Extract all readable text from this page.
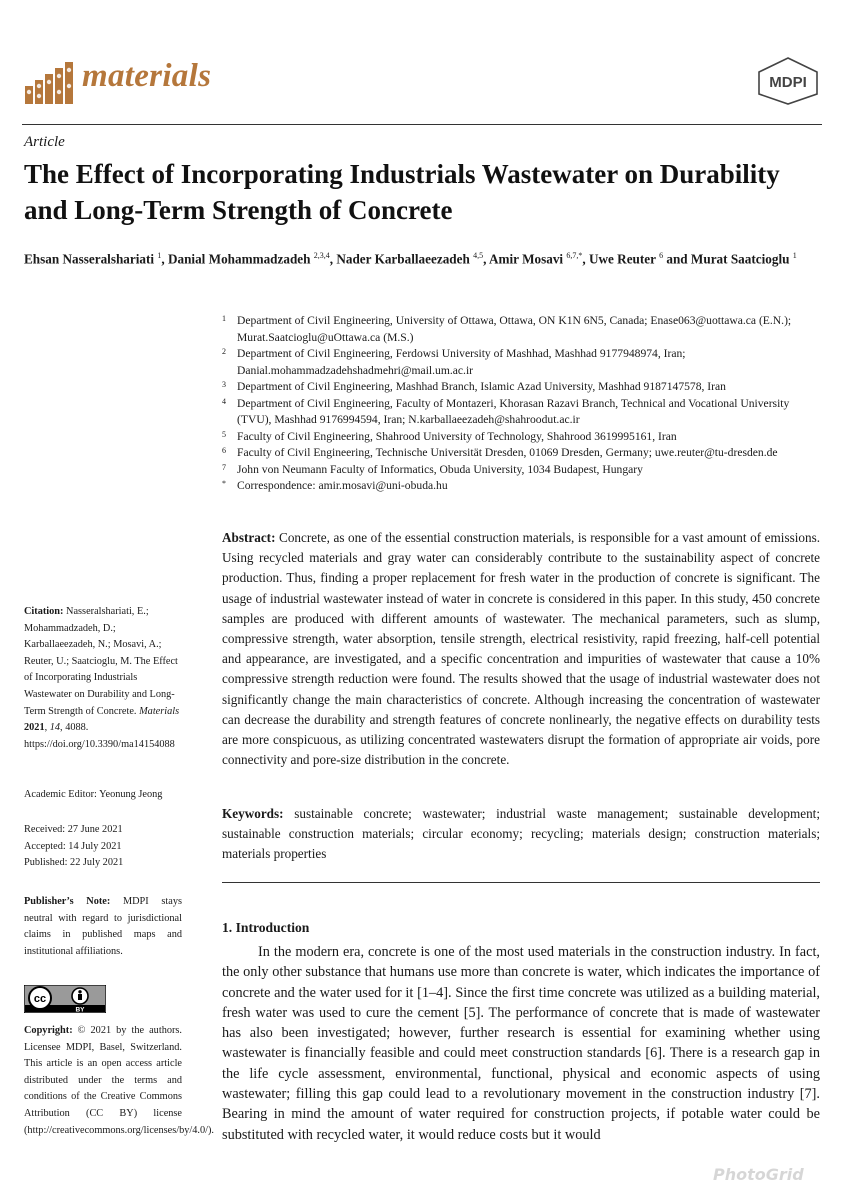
materials	MDPI
Article
The Effect of Incorporating Industrials Wastewater on Durability and Long-Term Strength of Concrete
Ehsan Nasseralshariati $^1$, Danial Mohammadzadeh $^{2,3,4}$, Nader Karballaeezadeh $^{4,5}$, Amir Mosavi $^{6,7,*}$, Uwe Reuter $^6$ and Murat Saatcioglu $^1$
1 Department of Civil Engineering, University of Ottawa, Ottawa, ON K1N 6N5, Canada; Enase063@uottawa.ca (E.N.); Murat.Saatcioglu@uOttawa.ca (M.S.)
2 Department of Civil Engineering, Ferdowsi University of Mashhad, Mashhad 9177948974, Iran; Danial.mohammadzadehshadmehri@mail.um.ac.ir
3 Department of Civil Engineering, Mashhad Branch, Islamic Azad University, Mashhad 9187147578, Iran
4 Department of Civil Engineering, Faculty of Montazeri, Khorasan Razavi Branch, Technical and Vocational University (TVU), Mashhad 9176994594, Iran; N.karballaeezadeh@shahroodut.ac.ir
5 Faculty of Civil Engineering, Shahrood University of Technology, Shahrood 3619995161, Iran
6 Faculty of Civil Engineering, Technische Universität Dresden, 01069 Dresden, Germany; uwe.reuter@tu-dresden.de
7 John von Neumann Faculty of Informatics, Obuda University, 1034 Budapest, Hungary
* Correspondence: amir.mosavi@uni-obuda.hu
Abstract: Concrete, as one of the essential construction materials, is responsible for a vast amount of emissions. Using recycled materials and gray water can considerably contribute to the sustainability aspect of concrete production. Thus, finding a proper replacement for fresh water in the production of concrete is significant. The usage of industrial wastewater instead of water in concrete is considered in this paper. In this study, 450 concrete samples are produced with different amounts of wastewater. The mechanical parameters, such as slump, compressive strength, water absorption, tensile strength, electrical resistivity, rapid freezing, half-cell potential and appearance, are investigated, and a specific concentration and impurities of wastewater that cause a 10% compressive strength reduction were found. The results showed that the usage of industrial wastewater does not significantly change the main characteristics of concrete. Although increasing the concentration of wastewater can decrease the durability and strength features of concrete nonlinearly, the negative effects on durability tests are more conspicuous, as utilizing concentrated wastewaters disrupt the formation of appropriate air voids, pore connectivity and pore-size distribution in the concrete.
Keywords: sustainable concrete; wastewater; industrial waste management; sustainable development; sustainable construction materials; circular economy; recycling; materials design; construction materials; materials properties
1. Introduction
In the modern era, concrete is one of the most used materials in the construction industry. In fact, the only other substance that humans use more than concrete is water, which indicates the importance of concrete and the water used for it [1–4]. Since the first time concrete was utilized as a building material, fresh water was used to cure the cement [5]. The performance of concrete that is made of wastewater has also been investigated; however, further research is essential for examining whether using wastewater is financially feasible and could meet construction standards [6]. There is a research gap in the life cycle assessment, environmental, functional, physical and economic aspects of using wastewater; filling this gap could lead to a revolutionary movement in the construction industry [7]. Bearing in mind the amount of water required for construction projects, if potable water could be substituted with recycled water, it would reduce costs but it would
Citation: Nasseralshariati, E.; Mohammadzadeh, D.; Karballaeezadeh, N.; Mosavi, A.; Reuter, U.; Saatcioglu, M. The Effect of Incorporating Industrials Wastewater on Durability and Long-Term Strength of Concrete. Materials 2021, 14, 4088. https://doi.org/10.3390/ma14154088
Academic Editor: Yeonung Jeong
Received: 27 June 2021
Accepted: 14 July 2021
Published: 22 July 2021
Publisher’s Note: MDPI stays neutral with regard to jurisdictional claims in published maps and institutional affiliations.
cc
BY
Copyright: © 2021 by the authors. Licensee MDPI, Basel, Switzerland. This article is an open access article distributed under the terms and conditions of the Creative Commons Attribution (CC BY) license (http://creativecommons.org/licenses/by/4.0/).
PhotoGrid
